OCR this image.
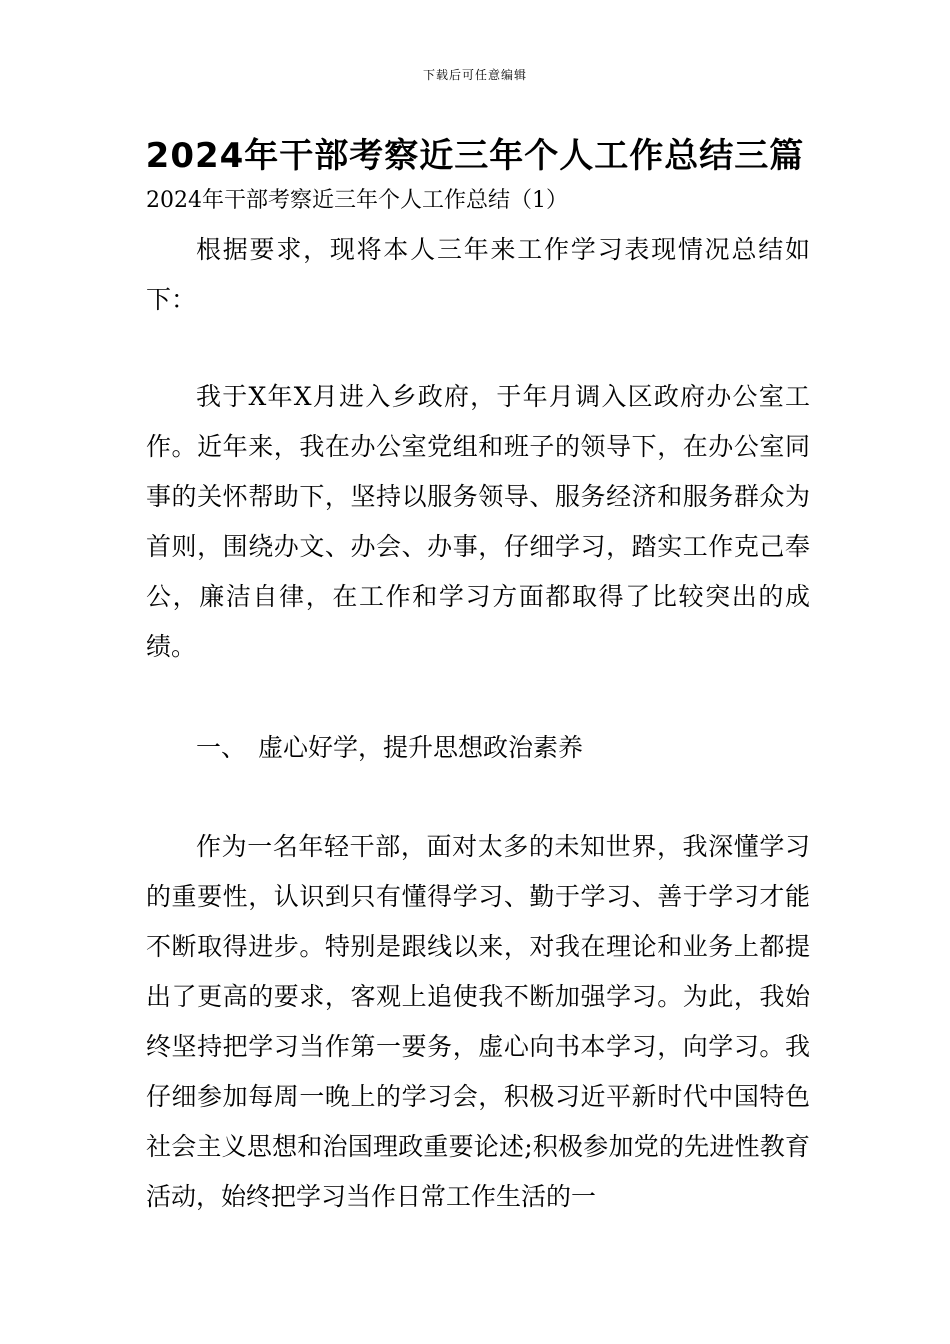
下载后可任意编辑
2024年干部考察近三年个人工作总结三篇

2024年干部考察近三年个人工作总结（1）

根据要求，现将本人三年来工作学习表现情况总结如下：

我于X年X月进入乡政府，于年月调入区政府办公室工作。近年来，我在办公室党组和班子的领导下，在办公室同事的关怀帮助下，坚持以服务领导、服务经济和服务群众为首则，围绕办文、办会、办事，仔细学习，踏实工作克己奉公，廉洁自律，在工作和学习方面都取得了比较突出的成绩。

一、 虚心好学，提升思想政治素养

作为一名年轻干部，面对太多的未知世界，我深懂学习的重要性，认识到只有懂得学习、勤于学习、善于学习才能不断取得进步。特别是跟线以来，对我在理论和业务上都提出了更高的要求，客观上追使我不断加强学习。为此，我始终坚持把学习当作第一要务，虚心向书本学习，向学习。我仔细参加每周一晚上的学习会，积极习近平新时代中国特色社会主义思想和治国理政重要论述;积极参加党的先进性教育活动，始终把学习当作日常工作生活的一
